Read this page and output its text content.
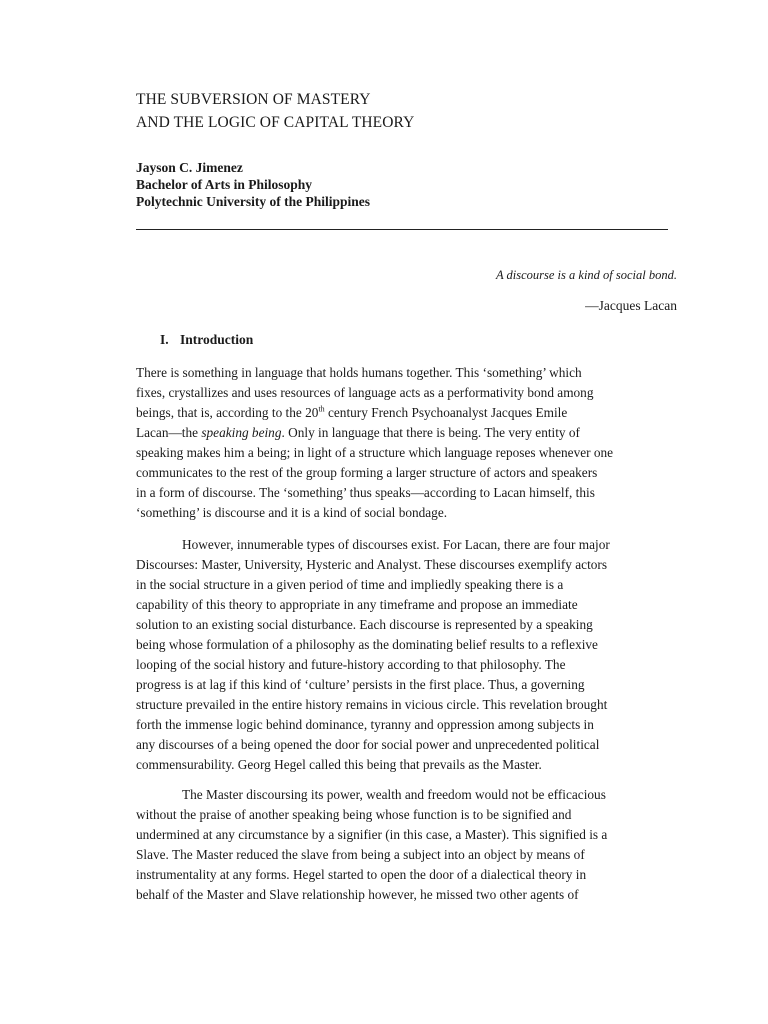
THE SUBVERSION OF MASTERY
AND THE LOGIC OF CAPITAL THEORY
Jayson C. Jimenez
Bachelor of Arts in Philosophy
Polytechnic University of the Philippines
A discourse is a kind of social bond.
—Jacques Lacan
I. Introduction
There is something in language that holds humans together. This ‘something’ which
fixes, crystallizes and uses resources of language acts as a performativity bond among
beings, that is, according to the 20th century French Psychoanalyst Jacques Emile
Lacan—the speaking being. Only in language that there is being. The very entity of
speaking makes him a being; in light of a structure which language reposes whenever one
communicates to the rest of the group forming a larger structure of actors and speakers
in a form of discourse. The ‘something’ thus speaks—according to Lacan himself, this
‘something’ is discourse and it is a kind of social bondage.
However, innumerable types of discourses exist. For Lacan, there are four major
Discourses: Master, University, Hysteric and Analyst. These discourses exemplify actors
in the social structure in a given period of time and impliedly speaking there is a
capability of this theory to appropriate in any timeframe and propose an immediate
solution to an existing social disturbance. Each discourse is represented by a speaking
being whose formulation of a philosophy as the dominating belief results to a reflexive
looping of the social history and future-history according to that philosophy. The
progress is at lag if this kind of ‘culture’ persists in the first place. Thus, a governing
structure prevailed in the entire history remains in vicious circle. This revelation brought
forth the immense logic behind dominance, tyranny and oppression among subjects in
any discourses of a being opened the door for social power and unprecedented political
commensurability. Georg Hegel called this being that prevails as the Master.
The Master discoursing its power, wealth and freedom would not be efficacious
without the praise of another speaking being whose function is to be signified and
undermined at any circumstance by a signifier (in this case, a Master). This signified is a
Slave. The Master reduced the slave from being a subject into an object by means of
instrumentality at any forms. Hegel started to open the door of a dialectical theory in
behalf of the Master and Slave relationship however, he missed two other agents of
